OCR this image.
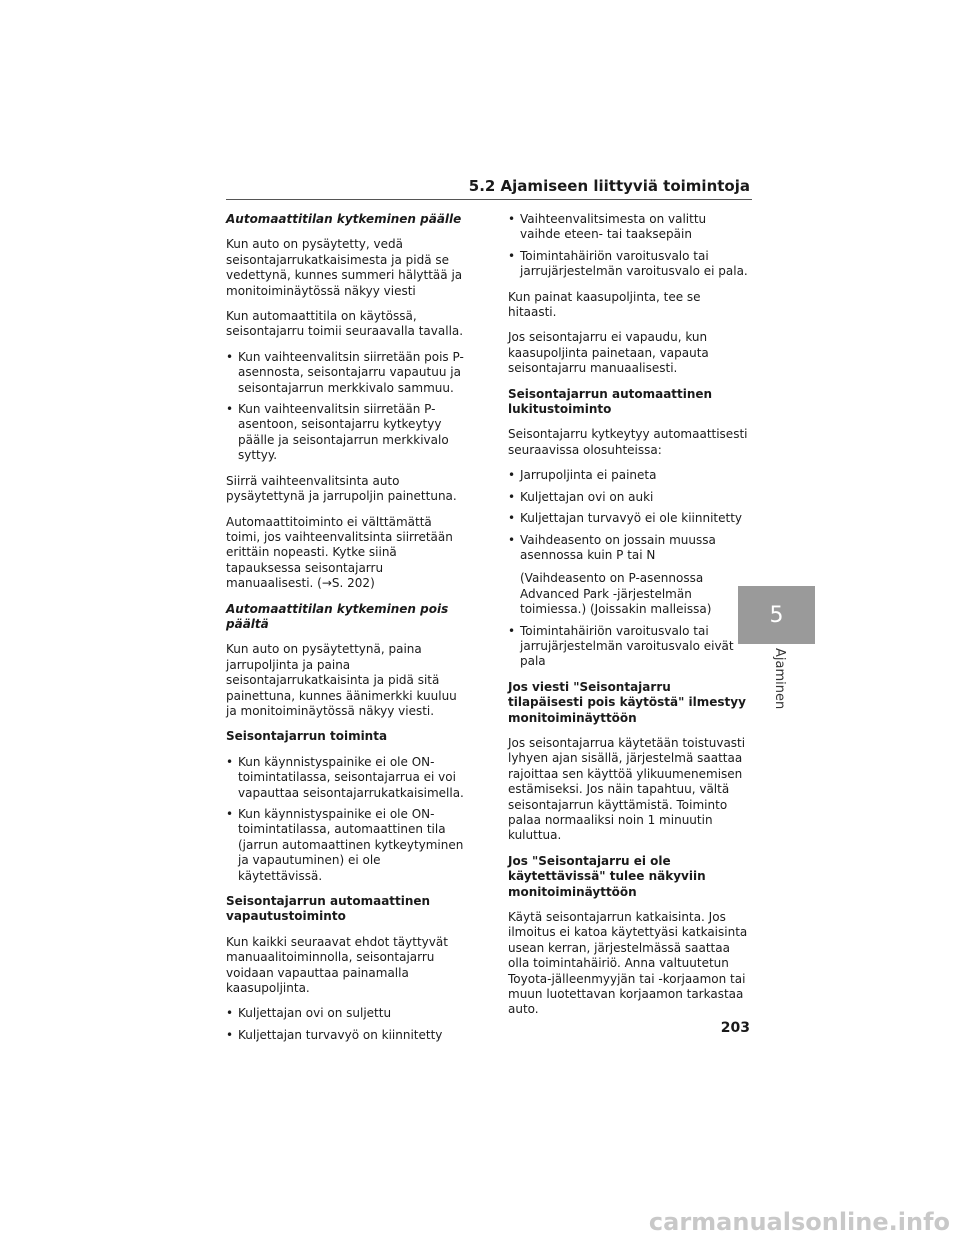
5.2 Ajamiseen liittyviä toimintoja

Automaattitilan kytkeminen päälle

Kun auto on pysäytetty, vedä seisontajarrukatkaisimesta ja pidä se vedettynä, kunnes summeri hälyttää ja monitoiminäytössä näkyy viesti

Kun automaattitila on käytössä, seisontajarru toimii seuraavalla tavalla.

• Kun vaihteenvalitsin siirretään pois P-asennosta, seisontajarru vapautuu ja seisontajarrun merkkivalo sammuu.
• Kun vaihteenvalitsin siirretään P-asentoon, seisontajarru kytkeytyy päälle ja seisontajarrun merkkivalo syttyy.

Siirrä vaihteenvalitsinta auto pysäytettynä ja jarrupoljin painettuna.

Automaattitoiminto ei välttämättä toimi, jos vaihteenvalitsinta siirretään erittäin nopeasti. Kytke siinä tapauksessa seisontajarru manuaalisesti. (→S. 202)

Automaattitilan kytkeminen pois päältä

Kun auto on pysäytettynä, paina jarrupoljinta ja paina seisontajarrukatkaisinta ja pidä sitä painettuna, kunnes äänimerkki kuuluu ja monitoiminäytössä näkyy viesti.

Seisontajarrun toiminta

• Kun käynnistyspainike ei ole ON-toimintatilassa, seisontajarrua ei voi vapauttaa seisontajarrukatkaisimella.
• Kun käynnistyspainike ei ole ON-toimintatilassa, automaattinen tila (jarrun automaattinen kytkeytyminen ja vapautuminen) ei ole käytettävissä.

Seisontajarrun automaattinen vapautustoiminto

Kun kaikki seuraavat ehdot täyttyvät manuaalitoiminnolla, seisontajarru voidaan vapauttaa painamalla kaasupoljinta.

• Kuljettajan ovi on suljettu
• Kuljettajan turvavyö on kiinnitetty
• Vaihteenvalitsimesta on valittu vaihde eteen- tai taaksepäin
• Toimintahäiriön varoitusvalo tai jarrujärjestelmän varoitusvalo ei pala.

Kun painat kaasupoljinta, tee se hitaasti.

Jos seisontajarru ei vapaudu, kun kaasupoljinta painetaan, vapauta seisontajarru manuaalisesti.

Seisontajarrun automaattinen lukitustoiminto

Seisontajarru kytkeytyy automaattisesti seuraavissa olosuhteissa:

• Jarrupoljinta ei paineta
• Kuljettajan ovi on auki
• Kuljettajan turvavyö ei ole kiinnitetty
• Vaihdeasento on jossain muussa asennossa kuin P tai N

(Vaihdeasento on P-asennossa Advanced Park -järjestelmän toimiessa.) (Joissakin malleissa)

• Toimintahäiriön varoitusvalo tai jarrujärjestelmän varoitusvalo eivät pala

Jos viesti "Seisontajarru tilapäisesti pois käytöstä" ilmestyy monitoiminäyttöön

Jos seisontajarrua käytetään toistuvasti lyhyen ajan sisällä, järjestelmä saattaa rajoittaa sen käyttöä ylikuumenemisen estämiseksi. Jos näin tapahtuu, vältä seisontajarrun käyttämistä. Toiminto palaa normaaliksi noin 1 minuutin kuluttua.

Jos "Seisontajarru ei ole käytettävissä" tulee näkyviin monitoiminäyttöön

Käytä seisontajarrun katkaisinta. Jos ilmoitus ei katoa käytettyäsi katkaisinta usean kerran, järjestelmässä saattaa olla toimintahäiriö. Anna valtuutetun Toyota-jälleenmyyjän tai -korjaamon tai muun luotettavan korjaamon tarkastaa auto.

5
Ajaminen
203
carmanualsonline.info
